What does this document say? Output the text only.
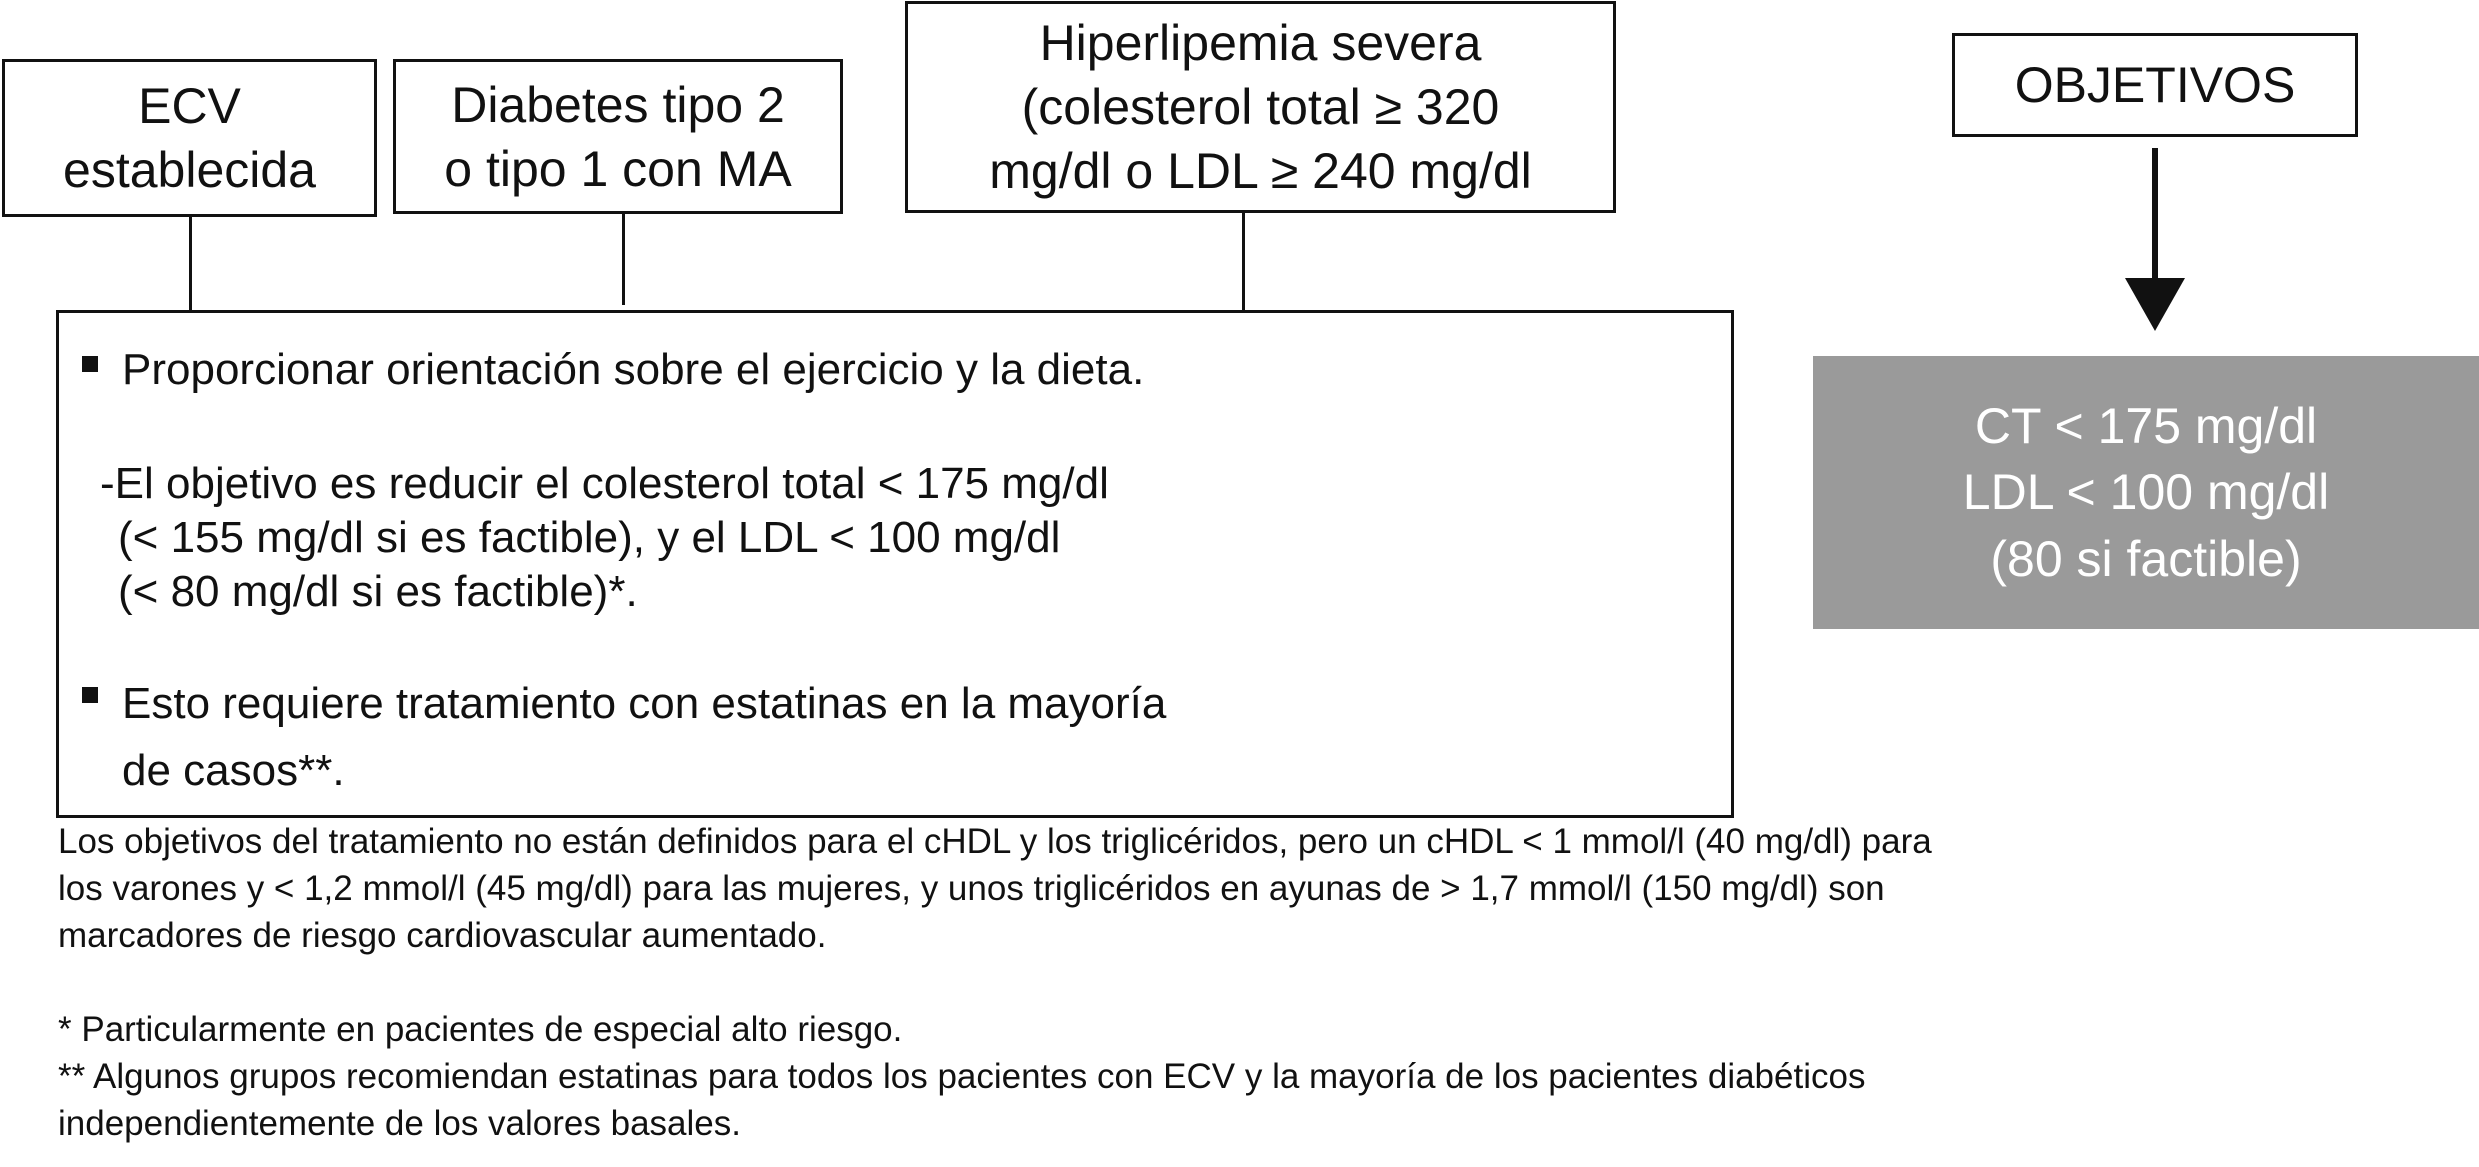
ECV
establecida
Diabetes tipo 2
o tipo 1 con MA
Hiperlipemia severa
(colesterol total ≥ 320
mg/dl o LDL ≥ 240 mg/dl
Proporcionar orientación sobre el ejercicio y la dieta.
-El objetivo es reducir el colesterol total < 175 mg/dl
(< 155 mg/dl si es factible), y el LDL < 100 mg/dl
(< 80 mg/dl si es factible)*.
Esto requiere tratamiento con estatinas en la mayoría
de casos**.
OBJETIVOS
CT < 175 mg/dl
LDL < 100 mg/dl
(80 si factible)
Los objetivos del tratamiento no están definidos para el cHDL y los triglicéridos, pero un cHDL < 1 mmol/l (40 mg/dl) para
los varones y < 1,2 mmol/l (45 mg/dl) para las mujeres, y unos triglicéridos en ayunas de > 1,7 mmol/l (150 mg/dl) son
marcadores de riesgo cardiovascular aumentado.
* Particularmente en pacientes de especial alto riesgo.
** Algunos grupos recomiendan estatinas para todos los pacientes con ECV y la mayoría de los pacientes diabéticos
independientemente de los valores basales.
